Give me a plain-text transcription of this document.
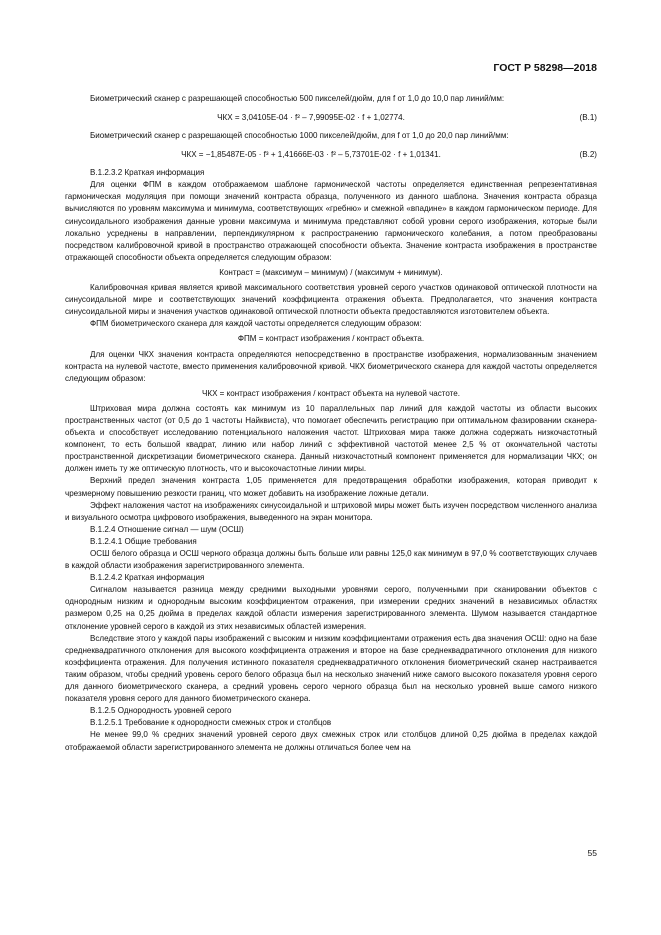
ГОСТ Р 58298—2018

Биометрический сканер с разрешающей способностью 500 пикселей/дюйм, для f от 1,0 до 10,0 пар линий/мм:

ЧКХ = 3,04105Е-04 · f² – 7,99095Е-02 · f + 1,02774.	(В.1)

Биометрический сканер с разрешающей способностью 1000 пикселей/дюйм, для f от 1,0 до 20,0 пар линий/мм:

ЧКХ = −1,85487Е-05 · f³ + 1,41666Е-03 · f² – 5,73701Е-02 · f + 1,01341.	(В.2)

В.1.2.3.2 Краткая информация

Для оценки ФПМ в каждом отображаемом шаблоне гармонической частоты определяется единственная репрезентативная гармоническая модуляция при помощи значений контраста образца, полученного из данного шаблона. Значения контраста образца вычисляются по уровням максимума и минимума, соответствующих «гребню» и смежной «впадине» в каждом гармоническом периоде. Для синусоидального изображения данные уровни максимума и минимума представляют собой уровни серого изображения, которые были локально усреднены в направлении, перпендикулярном к распространению гармонического колебания, а потом преобразованы посредством калибровочной кривой в пространство отражающей способности объекта. Значение контраста изображения в пространстве отражающей способности объекта определяется следующим образом:

Контраст = (максимум – минимум) / (максимум + минимум).

Калибровочная кривая является кривой максимального соответствия уровней серого участков одинаковой оптической плотности на синусоидальной мире и соответствующих значений коэффициента отражения объекта. Предполагается, что значения контраста синусоидальной миры и значения участков одинаковой оптической плотности объекта предоставляются изготовителем объекта.

ФПМ биометрического сканера для каждой частоты определяется следующим образом:

ФПМ = контраст изображения / контраст объекта.

Для оценки ЧКХ значения контраста определяются непосредственно в пространстве изображения, нормализованным значением контраста на нулевой частоте, вместо применения калибровочной кривой. ЧКХ биометрического сканера для каждой частоты определяется следующим образом:

ЧКХ = контраст изображения / контраст объекта на нулевой частоте.

Штриховая мира должна состоять как минимум из 10 параллельных пар линий для каждой частоты из области высоких пространственных частот (от 0,5 до 1 частоты Найквиста), что помогает обеспечить регистрацию при оптимальном фазировании сканера-объекта и способствует исследованию потенциального наложения частот. Штриховая мира также должна содержать низкочастотный компонент, то есть большой квадрат, линию или набор линий с эффективной частотой менее 2,5 % от окончательной частоты пространственной дискретизации биометрического сканера. Данный низкочастотный компонент применяется для нормализации ЧКХ; он должен иметь ту же оптическую плотность, что и высокочастотные линии миры.

Верхний предел значения контраста 1,05 применяется для предотвращения обработки изображения, которая приводит к чрезмерному повышению резкости границ, что может добавить на изображение ложные детали.

Эффект наложения частот на изображениях синусоидальной и штриховой миры может быть изучен посредством численного анализа и визуального осмотра цифрового изображения, выведенного на экран монитора.

В.1.2.4 Отношение сигнал — шум (ОСШ)

В.1.2.4.1 Общие требования

ОСШ белого образца и ОСШ черного образца должны быть больше или равны 125,0 как минимум в 97,0 % соответствующих случаев в каждой области изображения зарегистрированного элемента.

В.1.2.4.2 Краткая информация

Сигналом называется разница между средними выходными уровнями серого, полученными при сканировании объектов с однородным низким и однородным высоким коэффициентом отражения, при измерении средних значений в независимых областях размером 0,25 на 0,25 дюйма в пределах каждой области измерения зарегистрированного элемента. Шумом называется стандартное отклонение уровней серого в каждой из этих независимых областей измерения.

Вследствие этого у каждой пары изображений с высоким и низким коэффициентами отражения есть два значения ОСШ: одно на базе среднеквадратичного отклонения для высокого коэффициента отражения и второе на базе среднеквадратичного отклонения для низкого коэффициента отражения. Для получения истинного показателя среднеквадратичного отклонения биометрический сканер настраивается таким образом, чтобы средний уровень серого белого образца был на несколько значений ниже самого высокого показателя уровня серого для данного биометрического сканера, а средний уровень серого черного образца был на несколько уровней выше самого низкого показателя уровня серого для данного биометрического сканера.

В.1.2.5 Однородность уровней серого

В.1.2.5.1 Требование к однородности смежных строк и столбцов

Не менее 99,0 % средних значений уровней серого двух смежных строк или столбцов длиной 0,25 дюйма в пределах каждой отображаемой области зарегистрированного элемента не должны отличаться более чем на

55
